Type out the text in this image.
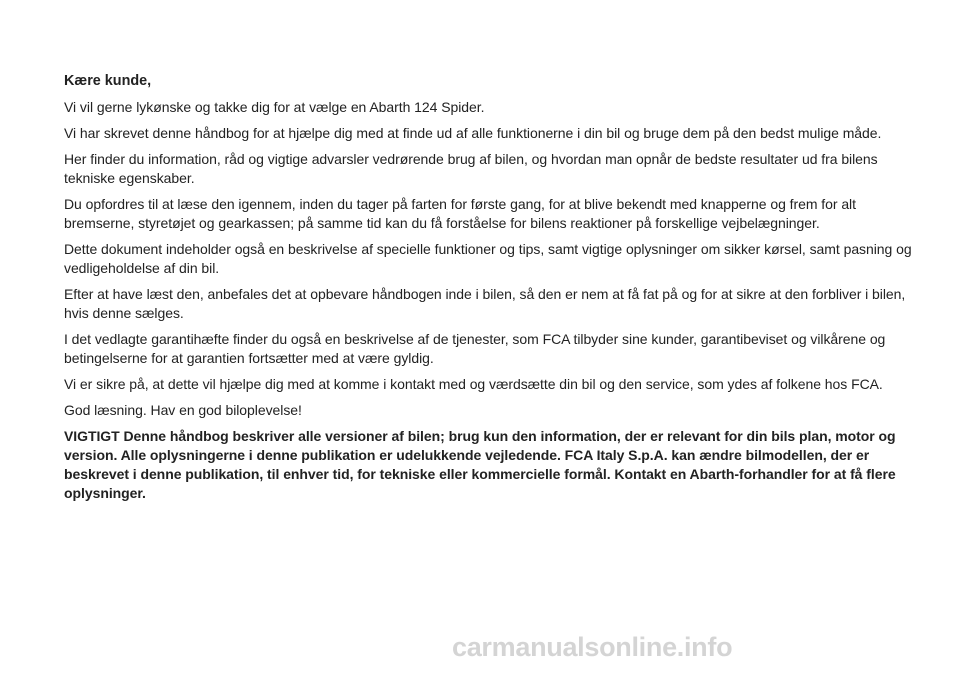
Kære kunde,

Vi vil gerne lykønske og takke dig for at vælge en Abarth 124 Spider.

Vi har skrevet denne håndbog for at hjælpe dig med at finde ud af alle funktionerne i din bil og bruge dem på den bedst mulige måde.

Her finder du information, råd og vigtige advarsler vedrørende brug af bilen, og hvordan man opnår de bedste resultater ud fra bilens tekniske egenskaber.

Du opfordres til at læse den igennem, inden du tager på farten for første gang, for at blive bekendt med knapperne og frem for alt bremserne, styretøjet og gearkassen; på samme tid kan du få forståelse for bilens reaktioner på forskellige vejbelægninger.

Dette dokument indeholder også en beskrivelse af specielle funktioner og tips, samt vigtige oplysninger om sikker kørsel, samt pasning og vedligeholdelse af din bil.

Efter at have læst den, anbefales det at opbevare håndbogen inde i bilen, så den er nem at få fat på og for at sikre at den forbliver i bilen, hvis denne sælges.

I det vedlagte garantihæfte finder du også en beskrivelse af de tjenester, som FCA tilbyder sine kunder, garantibeviset og vilkårene og betingelserne for at garantien fortsætter med at være gyldig.

Vi er sikre på, at dette vil hjælpe dig med at komme i kontakt med og værdsætte din bil og den service, som ydes af folkene hos FCA.

God læsning. Hav en god biloplevelse!

VIGTIGT Denne håndbog beskriver alle versioner af bilen; brug kun den information, der er relevant for din bils plan, motor og version. Alle oplysningerne i denne publikation er udelukkende vejledende. FCA Italy S.p.A. kan ændre bilmodellen, der er beskrevet i denne publikation, til enhver tid, for tekniske eller kommercielle formål. Kontakt en Abarth-forhandler for at få flere oplysninger.

carmanualsonline.info
